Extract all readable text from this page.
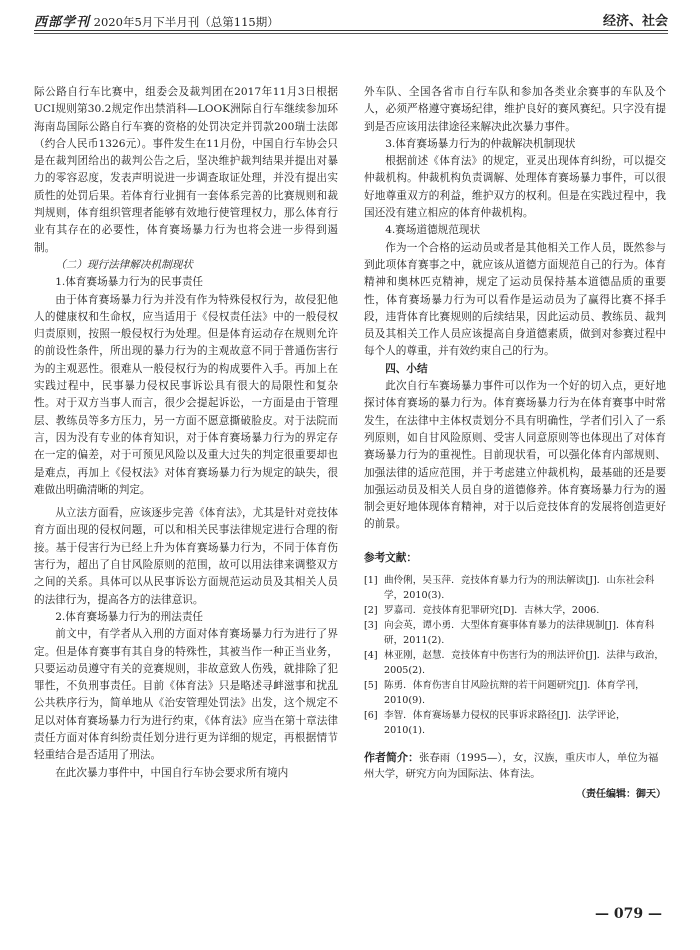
西部学刊 2020年5月下半月刊（总第115期）	经济、社会

际公路自行车比赛中，组委会及裁判团在2017年11月3日根据UCI规则第30.2规定作出禁消科—LOOK洲际自行车继续参加环海南岛国际公路自行车赛的资格的处罚决定并罚款200瑞士法郎（约合人民币1326元）。事件发生在11月份，中国自行车协会只是在裁判团给出的裁判公告之后，坚决维护裁判结果并提出对暴力的零容忍度，发表声明说进一步调查取证处理，并没有提出实质性的处罚后果。若体育行业拥有一套体系完善的比赛规则和裁判规则，体育组织管理者能够有效地行使管理权力，那么体育行业有其存在的必要性，体育赛场暴力行为也将会进一步得到遏制。

（二）现行法律解决机制现状
1.体育赛场暴力行为的民事责任

由于体育赛场暴力行为并没有作为特殊侵权行为，故侵犯他人的健康权和生命权，应当适用于《侵权责任法》中的一般侵权归责原则，按照一般侵权行为处理。但是体育运动存在规则允许的前设性条件，所出现的暴力行为的主观故意不同于普通伤害行为的主观恶性。很难从一般侵权行为的构成要件入手。再加上在实践过程中，民事暴力侵权民事诉讼具有很大的局限性和复杂性。对于双方当事人而言，很少会提起诉讼，一方面是由于管理层、教练员等多方压力，另一方面不愿意撕破脸皮。对于法院而言，因为没有专业的体育知识，对于体育赛场暴力行为的界定存在一定的偏差，对于可预见风险以及重大过失的判定很重要却也是难点，再加上《侵权法》对体育赛场暴力行为规定的缺失，很难做出明确清晰的判定。

从立法方面看，应该逐步完善《体育法》，尤其是针对竞技体育方面出现的侵权问题，可以和相关民事法律规定进行合理的衔接。基于侵害行为已经上升为体育赛场暴力行为，不同于体育伤害行为，超出了自甘风险原则的范围，故可以用法律来调整双方之间的关系。具体可以从民事诉讼方面规范运动员及其相关人员的法律行为，提高各方的法律意识。

2.体育赛场暴力行为的刑法责任

前文中，有学者从入刑的方面对体育赛场暴力行为进行了界定。但是体育赛事有其自身的特殊性，其被当作一种正当业务，只要运动员遵守有关的竞赛规则，非故意致人伤残，就排除了犯罪性，不负刑事责任。目前《体育法》只是略述寻衅滋事和扰乱公共秩序行为，简单地从《治安管理处罚法》出发，这个规定不足以对体育赛场暴力行为进行约束，《体育法》应当在第十章法律责任方面对体育纠纷责任划分进行更为详细的规定，再根据情节轻重结合是否适用了刑法。

在此次暴力事件中，中国自行车协会要求所有境内

外车队、全国各省市自行车队和参加各类业余赛事的车队及个人，必须严格遵守赛场纪律，维护良好的赛风赛纪。只字没有提到是否应该用法律途径来解决此次暴力事件。

3.体育赛场暴力行为的仲裁解决机制现状

根据前述《体育法》的规定，亚灵出现体育纠纷，可以提交仲裁机构。仲裁机构负责调解、处理体育赛场暴力事件，可以很好地尊重双方的利益，维护双方的权利。但是在实践过程中，我国还没有建立相应的体育仲裁机构。

4.赛场道德规范现状

作为一个合格的运动员或者是其他相关工作人员，既然参与到此项体育赛事之中，就应该从道德方面规范自己的行为。体育精神和奥林匹克精神，规定了运动员保持基本道德品质的重要性，体育赛场暴力行为可以看作是运动员为了赢得比赛不择手段，违背体育比赛规则的后续结果，因此运动员、教练员、裁判员及其相关工作人员应该提高自身道德素质，做到对参赛过程中每个人的尊重，并有效约束自己的行为。

四、小结

此次自行车赛场暴力事件可以作为一个好的切入点，更好地探讨体育赛场的暴力行为。体育赛场暴力行为在体育赛事中时常发生，在法律中主体权责划分不具有明确性，学者们引入了一系列原则，如自甘风险原则、受害人同意原则等也体现出了对体育赛场暴力行为的重视性。目前现状看，可以强化体育内部规则、加强法律的适应范围，并于考虑建立仲裁机构，最基础的还是要加强运动员及相关人员自身的道德修养。体育赛场暴力行为的遏制会更好地体现体育精神，对于以后竞技体育的发展将创造更好的前景。

参考文献：
[1] 曲伶俐，吴玉萍．竞技体育暴力行为的刑法解读[J]．山东社会科学，2010(3).
[2] 罗嘉司．竞技体育犯罪研究[D]．吉林大学，2006.
[3] 向会英，谭小勇．大型体育赛事体育暴力的法律规制[J]．体育科研，2011(2).
[4] 林亚刚，赵慧．竞技体育中伤害行为的刑法评价[J]．法律与政治，2005(2).
[5] 陈勇．体育伤害自甘风险抗辩的若干问题研究[J]．体育学刊，2010(9).
[6] 李智．体育赛场暴力侵权的民事诉求路径[J]．法学评论，2010(1).
作者简介：张春雨（1995—），女，汉族，重庆市人，单位为福州大学，研究方向为国际法、体育法。
（责任编辑：御天）
— 079 —
